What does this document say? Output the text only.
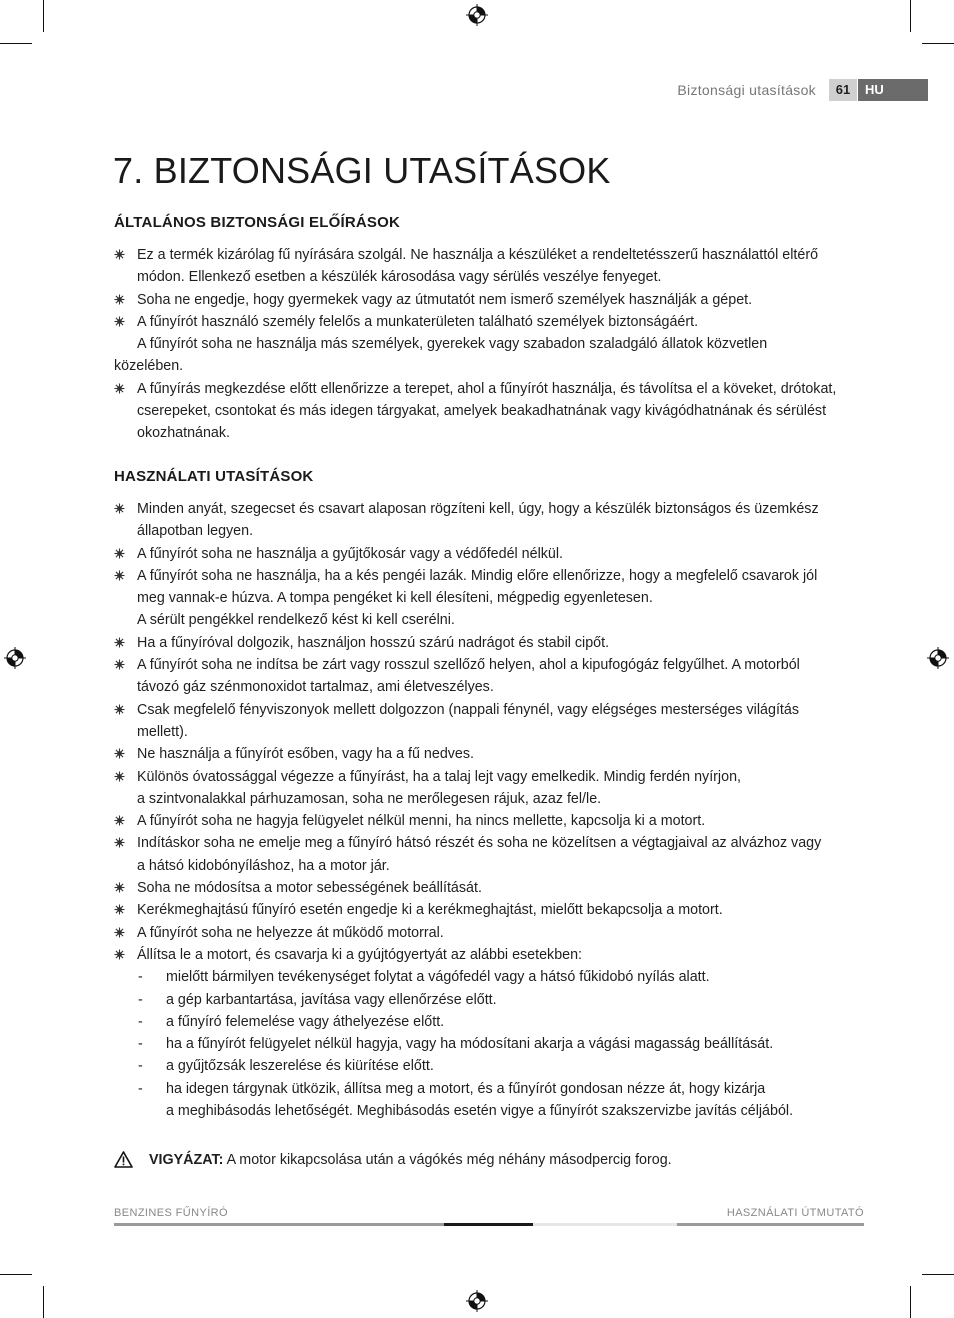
Biztonsági utasítások	61	HU
7. BIZTONSÁGI UTASÍTÁSOK
ÁLTALÁNOS BIZTONSÁGI ELŐÍRÁSOK
Ez a termék kizárólag fű nyírására szolgál. Ne használja a készüléket a rendeltetésszerű használattól eltérő
módon. Ellenkező esetben a készülék károsodása vagy sérülés veszélye fenyeget.
Soha ne engedje, hogy gyermekek vagy az útmutatót nem ismerő személyek használják a gépet.
A fűnyírót használó személy felelős a munkaterületen található személyek biztonságáért.
A fűnyírót soha ne használja más személyek, gyerekek vagy szabadon szaladgáló állatok közvetlen
közelében.
A fűnyírás megkezdése előtt ellenőrizze a terepet, ahol a fűnyírót használja, és távolítsa el a köveket, drótokat,
cserepeket, csontokat és más idegen tárgyakat, amelyek beakadhatnának vagy kivágódhatnának és sérülést
okozhatnának.
HASZNÁLATI UTASÍTÁSOK
Minden anyát, szegecset és csavart alaposan rögzíteni kell, úgy, hogy a készülék biztonságos és üzemkész
állapotban legyen.
A fűnyírót soha ne használja a gyűjtőkosár vagy a védőfedél nélkül.
A fűnyírót soha ne használja, ha a kés pengéi lazák. Mindig előre ellenőrizze, hogy a megfelelő csavarok jól
meg vannak-e húzva. A tompa pengéket ki kell élesíteni, mégpedig egyenletesen.
A sérült pengékkel rendelkező kést ki kell cserélni.
Ha a fűnyíróval dolgozik, használjon hosszú szárú nadrágot és stabil cipőt.
A fűnyírót soha ne indítsa be zárt vagy rosszul szellőző helyen, ahol a kipufogógáz felgyűlhet. A motorból
távozó gáz szénmonoxidot tartalmaz, ami életveszélyes.
Csak megfelelő fényviszonyok mellett dolgozzon (nappali fénynél, vagy elégséges mesterséges világítás
mellett).
Ne használja a fűnyírót esőben, vagy ha a fű nedves.
Különös óvatossággal végezze a fűnyírást, ha a talaj lejt vagy emelkedik. Mindig ferdén nyírjon,
a szintvonalakkal párhuzamosan, soha ne merőlegesen rájuk, azaz fel/le.
A fűnyírót soha ne hagyja felügyelet nélkül menni, ha nincs mellette, kapcsolja ki a motort.
Indításkor soha ne emelje meg a fűnyíró hátsó részét és soha ne közelítsen a végtagjaival az alvázhoz vagy
a hátsó kidobónyíláshoz, ha a motor jár.
Soha ne módosítsa a motor sebességének beállítását.
Kerékmeghajtású fűnyíró esetén engedje ki a kerékmeghajtást, mielőtt bekapcsolja a motort.
A fűnyírót soha ne helyezze át működő motorral.
Állítsa le a motort, és csavarja ki a gyújtógyertyát az alábbi esetekben:
- mielőtt bármilyen tevékenységet folytat a vágófedél vagy a hátsó fűkidobó nyílás alatt.
- a gép karbantartása, javítása vagy ellenőrzése előtt.
- a fűnyíró felemelése vagy áthelyezése előtt.
- ha a fűnyírót felügyelet nélkül hagyja, vagy ha módosítani akarja a vágási magasság beállítását.
- a gyűjtőzsák leszerelése és kiürítése előtt.
- ha idegen tárgynak ütközik, állítsa meg a motort, és a fűnyírót gondosan nézze át, hogy kizárja
a meghibásodás lehetőségét. Meghibásodás esetén vigye a fűnyírót szakszervizbe javítás céljából.
VIGYÁZAT: A motor kikapcsolása után a vágókés még néhány másodpercig forog.
BENZINES FŰNYÍRÓ	HASZNÁLATI ÚTMUTATÓ
